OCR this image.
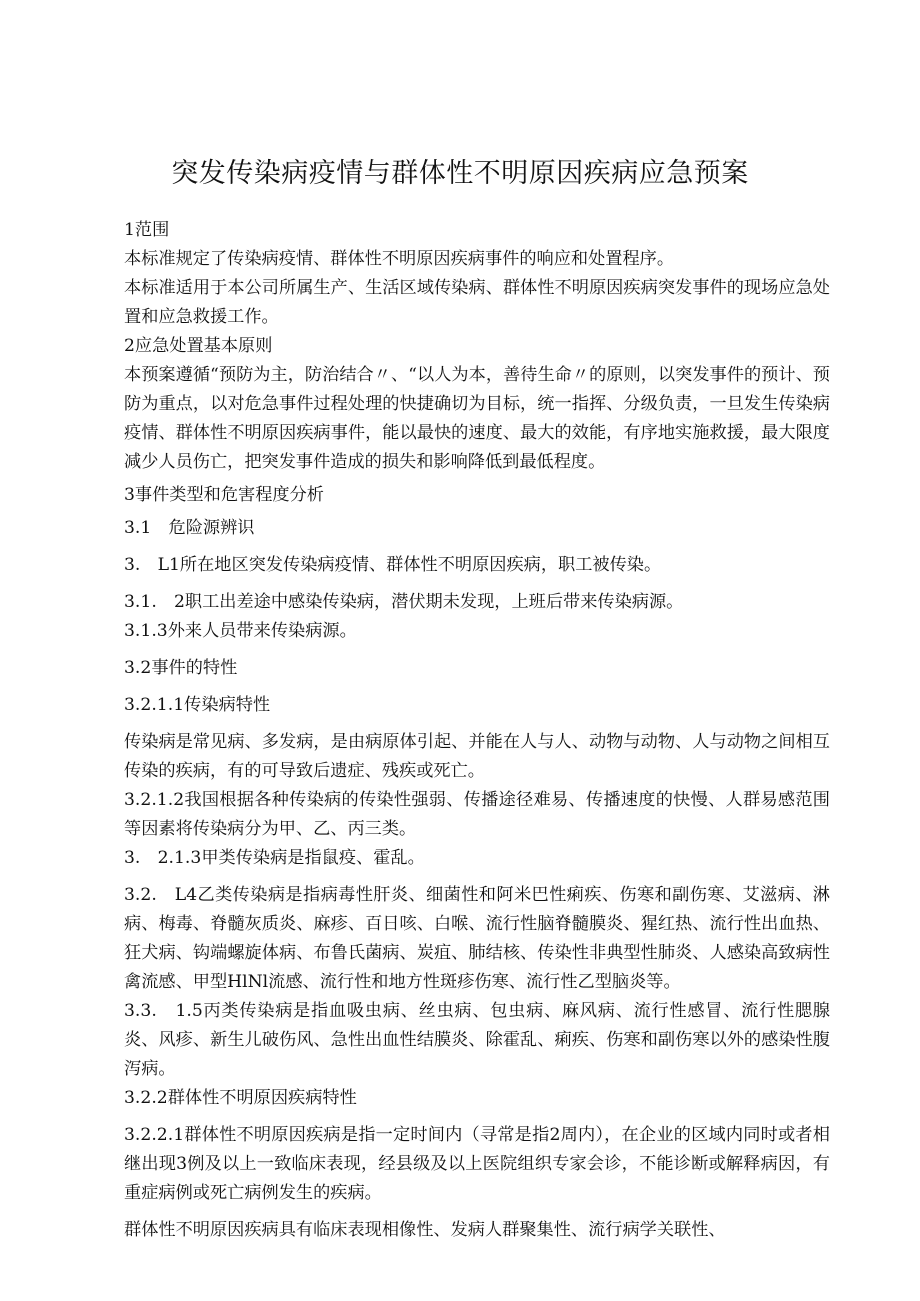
突发传染病疫情与群体性不明原因疾病应急预案

1范围

本标准规定了传染病疫情、群体性不明原因疾病事件的响应和处置程序。

本标准适用于本公司所属生产、生活区域传染病、群体性不明原因疾病突发事件的现场应急处置和应急救援工作。

2应急处置基本原则

本预案遵循“预防为主，防治结合〃、“以人为本，善待生命〃的原则，以突发事件的预计、预防为重点，以对危急事件过程处理的快捷确切为目标，统一指挥、分级负责，一旦发生传染病疫情、群体性不明原因疾病事件，能以最快的速度、最大的效能，有序地实施救援，最大限度减少人员伤亡，把突发事件造成的损失和影响降低到最低程度。

3事件类型和危害程度分析

3.1　危险源辨识

3.　L1所在地区突发传染病疫情、群体性不明原因疾病，职工被传染。

3.1.　2职工出差途中感染传染病，潜伏期未发现，上班后带来传染病源。

3.1.3外来人员带来传染病源。

3.2事件的特性

3.2.1.1传染病特性

传染病是常见病、多发病，是由病原体引起、并能在人与人、动物与动物、人与动物之间相互传染的疾病，有的可导致后遗症、残疾或死亡。

3.2.1.2我国根据各种传染病的传染性强弱、传播途径难易、传播速度的快慢、人群易感范围等因素将传染病分为甲、乙、丙三类。

3.　2.1.3甲类传染病是指鼠疫、霍乱。

3.2.　L4乙类传染病是指病毒性肝炎、细菌性和阿米巴性痢疾、伤寒和副伤寒、艾滋病、淋病、梅毒、脊髓灰质炎、麻疹、百日咳、白喉、流行性脑脊髓膜炎、猩红热、流行性出血热、狂犬病、钩端螺旋体病、布鲁氏菌病、炭疽、肺结核、传染性非典型性肺炎、人感染高致病性禽流感、甲型HlNl流感、流行性和地方性斑疹伤寒、流行性乙型脑炎等。

3.3.　1.5丙类传染病是指血吸虫病、丝虫病、包虫病、麻风病、流行性感冒、流行性腮腺炎、风疹、新生儿破伤风、急性出血性结膜炎、除霍乱、痢疾、伤寒和副伤寒以外的感染性腹泻病。

3.2.2群体性不明原因疾病特性

3.2.2.1群体性不明原因疾病是指一定时间内（寻常是指2周内），在企业的区域内同时或者相继出现3例及以上一致临床表现，经县级及以上医院组织专家会诊，不能诊断或解释病因，有重症病例或死亡病例发生的疾病。

群体性不明原因疾病具有临床表现相像性、发病人群聚集性、流行病学关联性、
